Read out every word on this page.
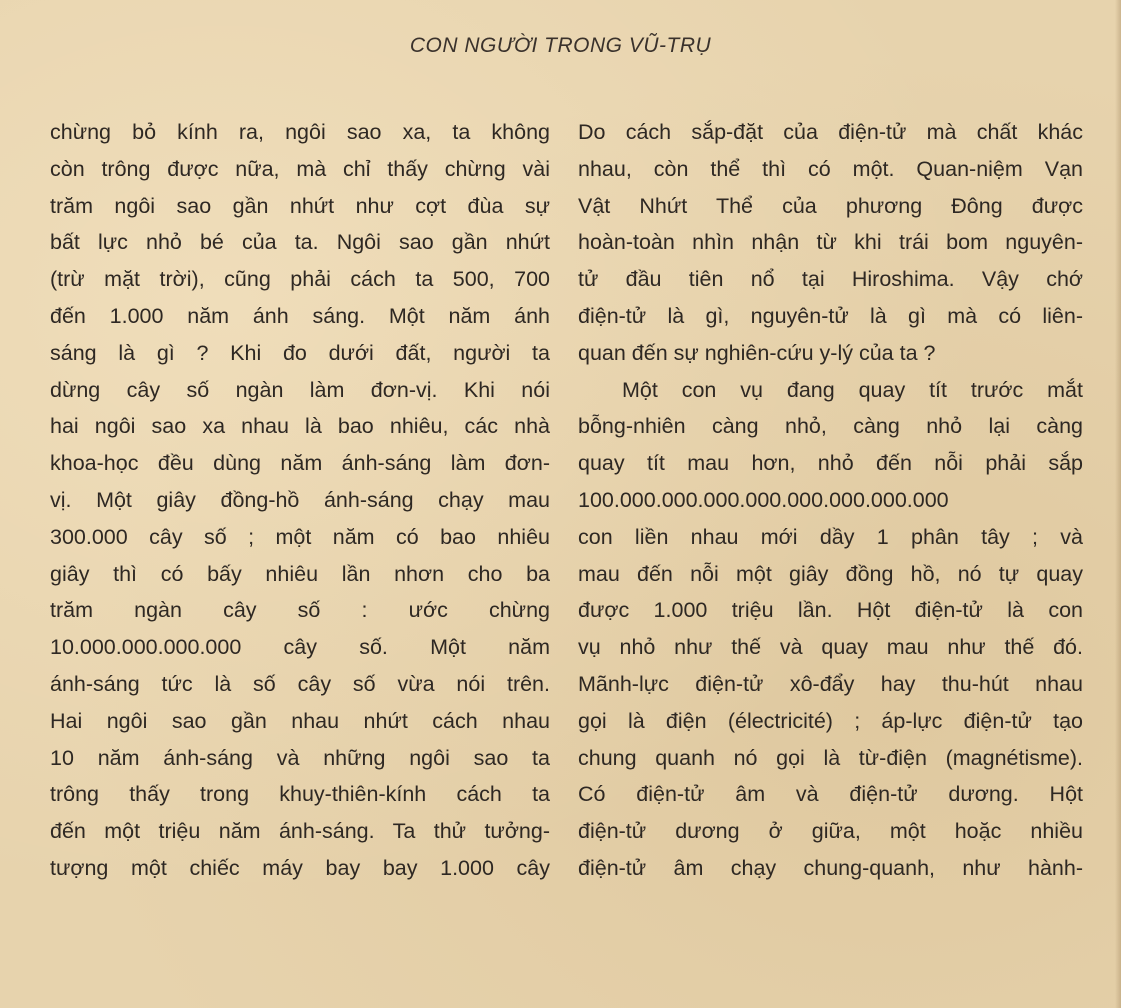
CON NGƯỜI TRONG VŨ-TRỤ
chừng bỏ kính ra, ngôi sao xa, ta không
còn trông được nữa, mà chỉ thấy chừng vài
trăm ngôi sao gần nhứt như cợt đùa sự
bất lực nhỏ bé của ta. Ngôi sao gần nhứt
(trừ mặt trời), cũng phải cách ta 500, 700
đến 1.000 năm ánh sáng. Một năm ánh
sáng là gì ? Khi đo dưới đất, người ta
dừng cây số ngàn làm đơn-vị. Khi nói
hai ngôi sao xa nhau là bao nhiêu, các nhà
khoa-học đều dùng năm ánh-sáng làm đơn-
vị. Một giây đồng-hồ ánh-sáng chạy mau
300.000 cây số ; một năm có bao nhiêu
giây thì có bấy nhiêu lần nhơn cho ba
trăm ngàn cây số : ước chừng
10.000.000.000.000 cây số. Một năm
ánh-sáng tức là số cây số vừa nói trên.
Hai ngôi sao gần nhau nhứt cách nhau
10 năm ánh-sáng và những ngôi sao ta
trông thấy trong khuy-thiên-kính cách ta
đến một triệu năm ánh-sáng. Ta thử tưởng-
tượng một chiếc máy bay bay 1.000 cây
Do cách sắp-đặt của điện-tử mà chất khác
nhau, còn thể thì có một. Quan-niệm Vạn
Vật Nhứt Thể của phương Đông được
hoàn-toàn nhìn nhận từ khi trái bom nguyên-
tử đầu tiên nổ tại Hiroshima. Vậy chớ
điện-tử là gì, nguyên-tử là gì mà có liên-
quan đến sự nghiên-cứu y-lý của ta ?
Một con vụ đang quay tít trước mắt
bỗng-nhiên càng nhỏ, càng nhỏ lại càng
quay tít mau hơn, nhỏ đến nỗi phải sắp
100.000.000.000.000.000.000.000.000
con liền nhau mới dầy 1 phân tây ; và
mau đến nỗi một giây đồng hồ, nó tự quay
được 1.000 triệu lần. Hột điện-tử là con
vụ nhỏ như thế và quay mau như thế đó.
Mãnh-lực điện-tử xô-đẩy hay thu-hút nhau
gọi là điện (électricité) ; áp-lực điện-tử tạo
chung quanh nó gọi là từ-điện (magnétisme).
Có điện-tử âm và điện-tử dương. Hột
điện-tử dương ở giữa, một hoặc nhiều
điện-tử âm chạy chung-quanh, như hành-
